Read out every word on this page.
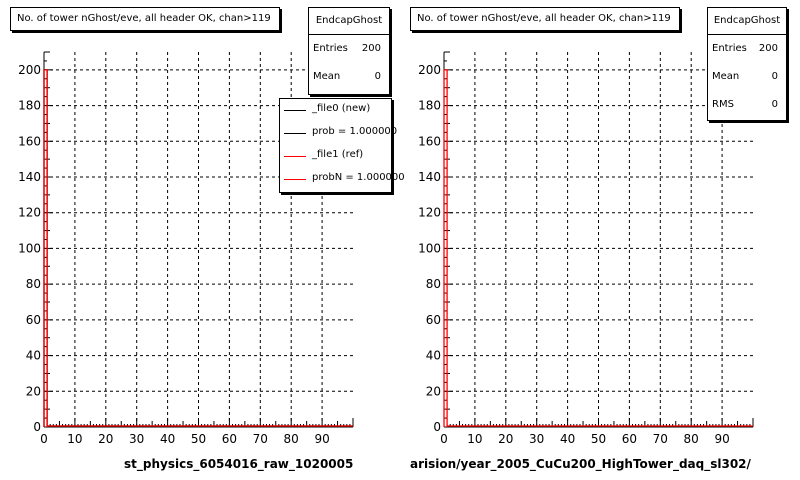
0 10 20 30 40 50 60 70 80 90
0
20
40
60
80
100
120
140
160
180
200
0 10 20 30 40 50 60 70 80 90
0
20
40
60
80
100
120
140
160
180
200
No. of tower nGhost/eve, all header OK, chan>119	EndcapGhost
Entries 200
Mean	0
_file0 (new)
prob = 1.000000
_file1 (ref)
probN = 1.000000
st_physics_6054016_raw_1020005
No. of tower nGhost/eve, all header OK, chan>119	EndcapGhost
Entries 200
Mean	0
RMS	0
arision/year_2005_CuCu200_HighTower_daq_sl302/
